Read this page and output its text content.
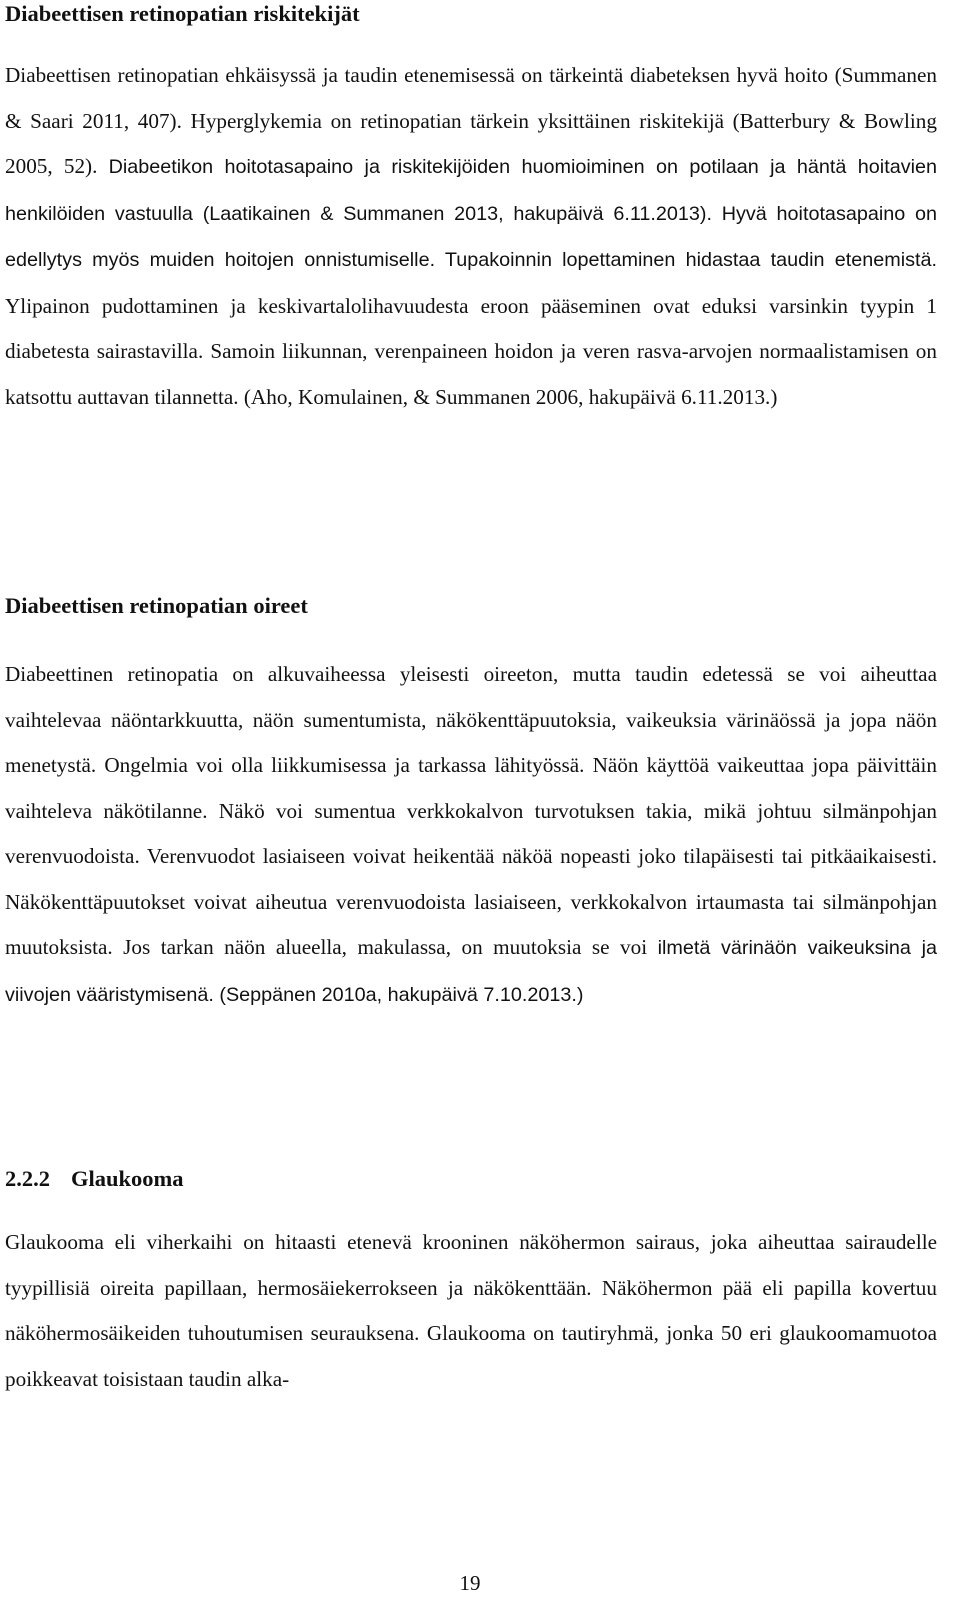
Diabeettisen retinopatian riskitekijät

Diabeettisen retinopatian ehkäisyssä ja taudin etenemisessä on tärkeintä diabeteksen hyvä hoito (Summanen & Saari 2011, 407). Hyperglykemia on retinopatian tärkein yksittäinen riskitekijä (Batterbury & Bowling 2005, 52). Diabeetikon hoitotasapaino ja riskitekijöiden huomioiminen on potilaan ja häntä hoitavien henkilöiden vastuulla (Laatikainen & Summanen 2013, hakupäivä 6.11.2013). Hyvä hoitotasapaino on edellytys myös muiden hoitojen onnistumiselle. Tupakoinnin lopettaminen hidastaa taudin etenemistä. Ylipainon pudottaminen ja keskivartalolihavuudesta eroon pääseminen ovat eduksi varsinkin tyypin 1 diabetesta sairastavilla. Samoin liikunnan, verenpaineen hoidon ja veren rasva-arvojen normaalistamisen on katsottu auttavan tilannetta. (Aho, Komulainen, & Summanen 2006, hakupäivä 6.11.2013.)

Diabeettisen retinopatian oireet

Diabeettinen retinopatia on alkuvaiheessa yleisesti oireeton, mutta taudin edetessä se voi aiheuttaa vaihtelevaa näöntarkkuutta, näön sumentumista, näkökenttäpuutoksia, vaikeuksia värinäössä ja jopa näön menetystä. Ongelmia voi olla liikkumisessa ja tarkassa lähityössä. Näön käyttöä vaikeuttaa jopa päivittäin vaihteleva näkötilanne. Näkö voi sumentua verkkokalvon turvotuksen takia, mikä johtuu silmänpohjan verenvuodoista. Verenvuodot lasiaiseen voivat heikentää näköä nopeasti joko tilapäisesti tai pitkäaikaisesti. Näkökenttäpuutokset voivat aiheutua verenvuodoista lasiaiseen, verkkokalvon irtaumasta tai silmänpohjan muutoksista. Jos tarkan näön alueella, makulassa, on muutoksia se voi ilmetä värinäön vaikeuksina ja viivojen vääristymisenä. (Seppänen 2010a, hakupäivä 7.10.2013.)

2.2.2 Glaukooma

Glaukooma eli viherkaihi on hitaasti etenevä krooninen näköhermon sairaus, joka aiheuttaa sairaudelle tyypillisiä oireita papillaan, hermosäiekerrokseen ja näkökenttään. Näköhermon pää eli papilla kovertuu näköhermosäikeiden tuhoutumisen seurauksena. Glaukooma on tautiryhmä, jonka 50 eri glaukoomamuotoa poikkeavat toisistaan taudin alka-

19
